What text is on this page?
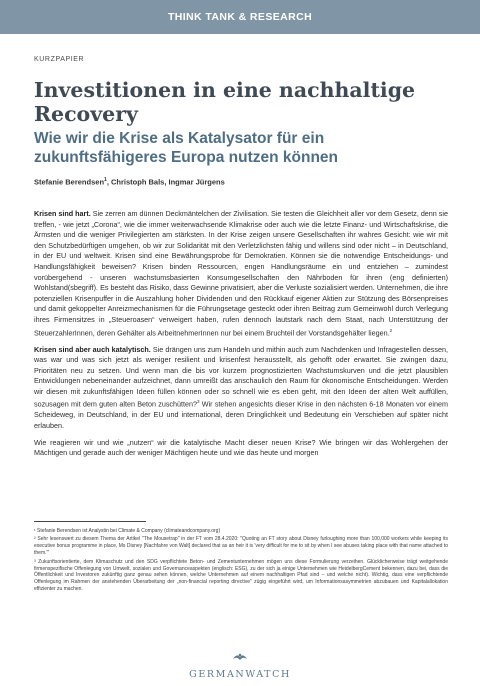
THINK TANK & RESEARCH
KURZPAPIER
Investitionen in eine nachhaltige Recovery
Wie wir die Krise als Katalysator für ein zukunftsfähigeres Europa nutzen können
Stefanie Berendsen$^1$, Christoph Bals, Ingmar Jürgens

Krisen sind hart. Sie zerren am dünnen Deckmäntelchen der Zivilisation. Sie testen die Gleichheit aller vor dem Gesetz, denn sie treffen, - wie jetzt „Corona“, wie die immer weiterwachsende Klimakrise oder auch wie die letzte Finanz- und Wirtschaftskrise, die Ärmsten und die weniger Privilegierten am stärksten. In der Krise zeigen unsere Gesellschaften ihr wahres Gesicht: wie wir mit den Schutzbedürftigen umgehen, ob wir zur Solidarität mit den Verletzlichsten fähig und willens sind oder nicht – in Deutschland, in der EU und weltweit. Krisen sind eine Bewährungsprobe für Demokratien. Können sie die notwendige Entscheidungs- und Handlungsfähigkeit beweisen? Krisen binden Ressourcen, engen Handlungsräume ein und entziehen – zumindest vorübergehend - unseren wachstumsbasierten Konsumgesellschaften den Nährboden für ihren (eng definierten) Wohlstand(sbegriff). Es besteht das Risiko, dass Gewinne privatisiert, aber die Verluste sozialisiert werden. Unternehmen, die ihre potenziellen Krisenpuffer in die Auszahlung hoher Dividenden und den Rückkauf eigener Aktien zur Stützung des Börsenpreises und damit gekoppelter Anreizmechanismen für die Führungsetage gesteckt oder ihren Beitrag zum Gemeinwohl durch Verlegung ihres Firmensitzes in „Steueroasen“ verweigert haben, rufen dennoch lautstark nach dem Staat, nach Unterstützung der SteuerzahlerInnen, deren Gehälter als ArbeitnehmerInnen nur bei einem Bruchteil der Vorstandsgehälter liegen.$^2$

Krisen sind aber auch katalytisch. Sie drängen uns zum Handeln und mithin auch zum Nachdenken und Infragestellen dessen, was war und was sich jetzt als weniger resilient und krisenfest herausstellt, als gehofft oder erwartet. Sie zwingen dazu, Prioritäten neu zu setzen. Und wenn man die bis vor kurzem prognostizierten Wachstumskurven und die jetzt plausiblen Entwicklungen nebeneinander aufzeichnet, dann umreißt das anschaulich den Raum für ökonomische Entscheidungen. Werden wir diesen mit zukunftsfähigen Ideen füllen können oder so schnell wie es eben geht, mit den Ideen der alten Welt auffüllen, sozusagen mit dem guten alten Beton zuschütten?$^3$ Wir stehen angesichts dieser Krise in den nächsten 6-18 Monaten vor einem Scheideweg, in Deutschland, in der EU und international, deren Dringlichkeit und Bedeutung ein Verschieben auf später nicht erlauben.

Wie reagieren wir und wie „nutzen“ wir die katalytische Macht dieser neuen Krise? Wie bringen wir das Wohlergehen der Mächtigen und gerade auch der weniger Mächtigen heute und wie das heute und morgen

¹ Stefanie Berendsen ist Analystin bei Climate & Company (climateandcompany.org)

² Sehr lesenswert zu diesem Thema der Artikel "The Mousetrap" in der FT vom 28.4.2020: "Quoting an FT story about Disney furloughing more than 100,000 workers while keeping its executive bonus programme in place, Ms Disney [Nachfahre von Walt] declared that as an heir it is 'very difficult for me to sit by when I see abuses taking place with that name attached to them.'"

³ Zukunftsorientierte, dem Klimaschutz und den SDG verpflichtete Beton- und Zementunternehmen mögen uns diese Formulierung verzeihen. Glücklicherweise trägt weitgehende firmenspezifische Offenlegung von Umwelt, sozialen und Governanceaspekten (englisch: ESG), zu der sich ja einige Unternehmen wie HeidelbergCement bekennen, dazu bei, dass die Öffentlichkeit und Investoren zukünftig ganz genau sehen können, welche Unternehmen auf einem nachhaltigen Pfad sind – und welche nicht). Wichtig, dass eine verpflichtende Offenlegung im Rahmen der anstehenden Überarbeitung der „non-financial reporting directive" zügig eingeführt wird, um Informationsasymmetrien abzubauen und Kapitalallokation effizienter zu machen.

GERMANWATCH
